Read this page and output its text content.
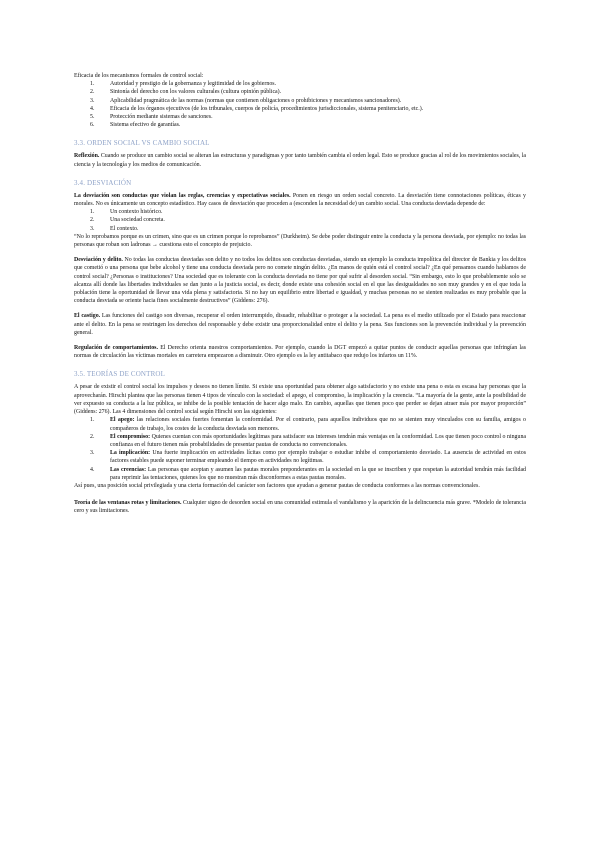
Eficacia de los mecanismos formales de control social:

1.	Autoridad y prestigio de la gobernanza y legitimidad de los gobiernos.
2.	Sintonía del derecho con los valores culturales (cultura opinión pública).
3.	Aplicabilidad pragmática de las normas (normas que contienen obligaciones o prohibiciones y mecanismos sancionadores).
4.	Eficacia de los órganos ejecutivos (de los tribunales, cuerpos de policía, procedimientos jurisdiccionales, sistema penitenciario, etc.).
5.	Protección mediante sistemas de sanciones.
6.	Sistema efectivo de garantías.
3.3. ORDEN SOCIAL VS CAMBIO SOCIAL

Reflexión. Cuando se produce un cambio social se alteran las estructuras y paradigmas y por tanto también cambia el orden legal. Esto se produce gracias al rol de los movimientos sociales, la ciencia y la tecnología y los medios de comunicación.

3.4. DESVIACIÓN

La desviación son conductas que violan las reglas, creencias y expectativas sociales. Ponen en riesgo un orden social concreto. La desviación tiene connotaciones políticas, éticas y morales. No es únicamente un concepto estadístico. Hay casos de desviación que proceden a (esconden la necesidad de) un cambio social. Una conducta desviada depende de:

1.	Un contexto histórico.
2.	Una sociedad concreta.
3.	El contexto.

“No lo reprobamos porque es un crimen, sino que es un crimen porque lo reprobamos” (Durkheim). Se debe poder distinguir entre la conducta y la persona desviada, por ejemplo: no todas las personas que roban son ladronas → cuestiona esto el concepto de prejuicio.

Desviación y delito. No todas las conductas desviadas son delito y no todos los delitos son conductas desviadas, siendo un ejemplo la conducta impolítica del director de Bankia y los delitos que cometió o una persona que bebe alcohol y tiene una conducta desviada pero no comete ningún delito. ¿En manos de quién está el control social? ¿En qué pensamos cuando hablamos de control social? ¿Personas o instituciones? Una sociedad que es tolerante con la conducta desviada no tiene por qué sufrir al desorden social. “Sin embargo, esto lo que probablemente solo se alcanza allí donde las libertades individuales se dan junto a la justicia social, es decir, donde existe una cohesión social en el que las desigualdades no son muy grandes y en el que toda la población tiene la oportunidad de llevar una vida plena y satisfactoria. Si no hay un equilibrio entre libertad e igualdad, y muchas personas no se sienten realizadas es muy probable que la conducta desviada se oriente hacia fines socialmente destructivos” (Giddens: 276).

El castigo. Las funciones del castigo son diversas, recuperar el orden interrumpido, disuadir, rehabilitar o proteger a la sociedad. La pena es el medio utilizado por el Estado para reaccionar ante el delito. En la pena se restringen los derechos del responsable y debe existir una proporcionalidad entre el delito y la pena. Sus funciones son la prevención individual y la prevención general.

Regulación de comportamientos. El Derecho orienta nuestros comportamientos. Por ejemplo, cuando la DGT empezó a quitar puntos de conducir aquellas personas que infringían las normas de circulación las víctimas mortales en carretera empezaron a disminuir. Otro ejemplo es la ley antitabaco que redujo los infartos un 11%.

3.5. TEORÍAS DE CONTROL

A pesar de existir el control social los impulsos y deseos no tienen límite. Si existe una oportunidad para obtener algo satisfactorio y no existe una pena o esta es escasa hay personas que la aprovecharán. Hirschi plantea que las personas tienen 4 tipos de vínculo con la sociedad: el apego, el compromiso, la implicación y la creencia. “La mayoría de la gente, ante la posibilidad de ver expuesto su conducta a la luz pública, se inhibe de la posible tentación de hacer algo malo. En cambio, aquellas que tienen poco que perder se dejan atraer más por mayor proporción” (Giddens: 276). Las 4 dimensiones del control social según Hirschi son las siguientes:

1.	El apego: las relaciones sociales fuertes fomentan la conformidad. Por el contrario, para aquellos individuos que no se sienten muy vinculados con su familia, amigos o compañeros de trabajo, los costes de la conducta desviada son menores.
2.	El compromiso: Quienes cuentan con más oportunidades legítimas para satisfacer sus intereses tendrán más ventajas en la conformidad. Los que tienen poco control o ninguna confianza en el futuro tienen más probabilidades de presentar pautas de conducta no convencionales.
3.	La implicación: Una fuerte implicación en actividades lícitas como por ejemplo trabajar o estudiar inhibe el comportamiento desviado. La ausencia de actividad en estos factores estables puede suponer terminar empleando el tiempo en actividades no legítimas.
4.	Las creencias: Las personas que aceptan y asumen las pautas morales preponderantes en la sociedad en la que se inscriben y que respetan la autoridad tendrán más facilidad para reprimir las tentaciones, quienes los que no muestran más disconformes a estas pautas morales.

Así pues, una posición social privilegiada y una cierta formación del carácter son factores que ayudan a generar pautas de conducta conformes a las normas convencionales.

Teoría de las ventanas rotas y limitaciones. Cualquier signo de desorden social en una comunidad estimula el vandalismo y la aparición de la delincuencia más grave. *Modelo de tolerancia cero y sus limitaciones.
